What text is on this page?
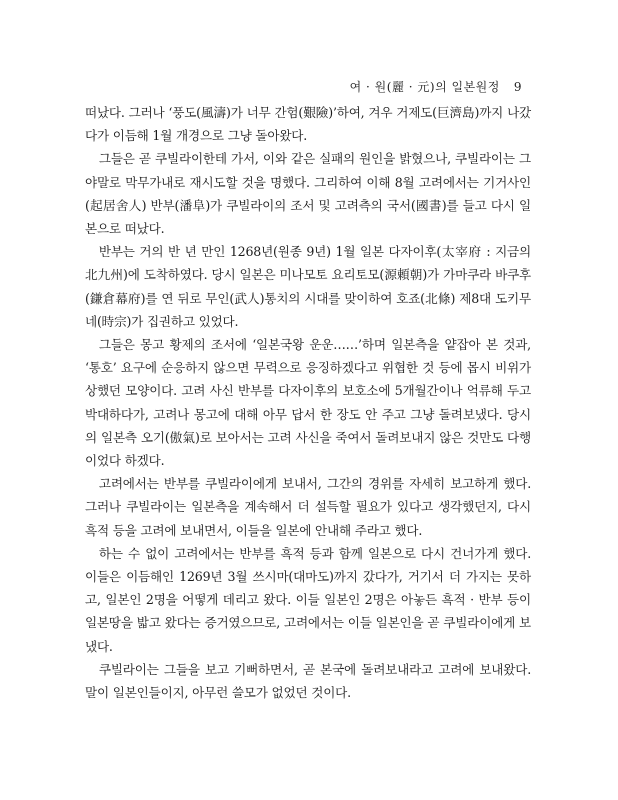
여 · 원(麗 · 元)의 일본원정 9

떠났다. 그러나 ‘풍도(風濤)가 너무 간험(艱險)’하여, 겨우 거제도(巨濟島)까지 나갔다가 이듬해 1월 개경으로 그냥 돌아왔다.

그들은 곧 쿠빌라이한테 가서, 이와 같은 실패의 원인을 밝혔으나, 쿠빌라이는 그야말로 막무가내로 재시도할 것을 명했다. 그리하여 이해 8월 고려에서는 기거사인(起居舍人) 반부(潘阜)가 쿠빌라이의 조서 및 고려측의 국서(國書)를 들고 다시 일본으로 떠났다.

반부는 거의 반 년 만인 1268년(원종 9년) 1월 일본 다자이후(太宰府 : 지금의 北九州)에 도착하였다. 당시 일본은 미나모토 요리토모(源頼朝)가 가마쿠라 바쿠후(鎌倉幕府)를 연 뒤로 무인(武人)통치의 시대를 맞이하여 호죠(北條) 제8대 도키무네(時宗)가 집권하고 있었다.

그들은 몽고 황제의 조서에 ‘일본국왕 운운……’하며 일본측을 얕잡아 본 것과, ‘통호’ 요구에 순응하지 않으면 무력으로 응징하겠다고 위협한 것 등에 몹시 비위가 상했던 모양이다. 고려 사신 반부를 다자이후의 보호소에 5개월간이나 억류해 두고 박대하다가, 고려나 몽고에 대해 아무 답서 한 장도 안 주고 그냥 돌려보냈다. 당시의 일본측 오기(傲氣)로 보아서는 고려 사신을 죽여서 돌려보내지 않은 것만도 다행이었다 하겠다.

고려에서는 반부를 쿠빌라이에게 보내서, 그간의 경위를 자세히 보고하게 했다. 그러나 쿠빌라이는 일본측을 계속해서 더 설득할 필요가 있다고 생각했던지, 다시 흑적 등을 고려에 보내면서, 이들을 일본에 안내해 주라고 했다.

하는 수 없이 고려에서는 반부를 흑적 등과 함께 일본으로 다시 건너가게 했다. 이들은 이듬해인 1269년 3월 쓰시마(대마도)까지 갔다가, 거기서 더 가지는 못하고, 일본인 2명을 어떻게 데리고 왔다. 이들 일본인 2명은 아놓든 흑적 · 반부 등이 일본땅을 밟고 왔다는 증거였으므로, 고려에서는 이들 일본인을 곧 쿠빌라이에게 보냈다.

쿠빌라이는 그들을 보고 기뻐하면서, 곧 본국에 돌려보내라고 고려에 보내왔다. 말이 일본인들이지, 아무런 쓸모가 없었던 것이다.
